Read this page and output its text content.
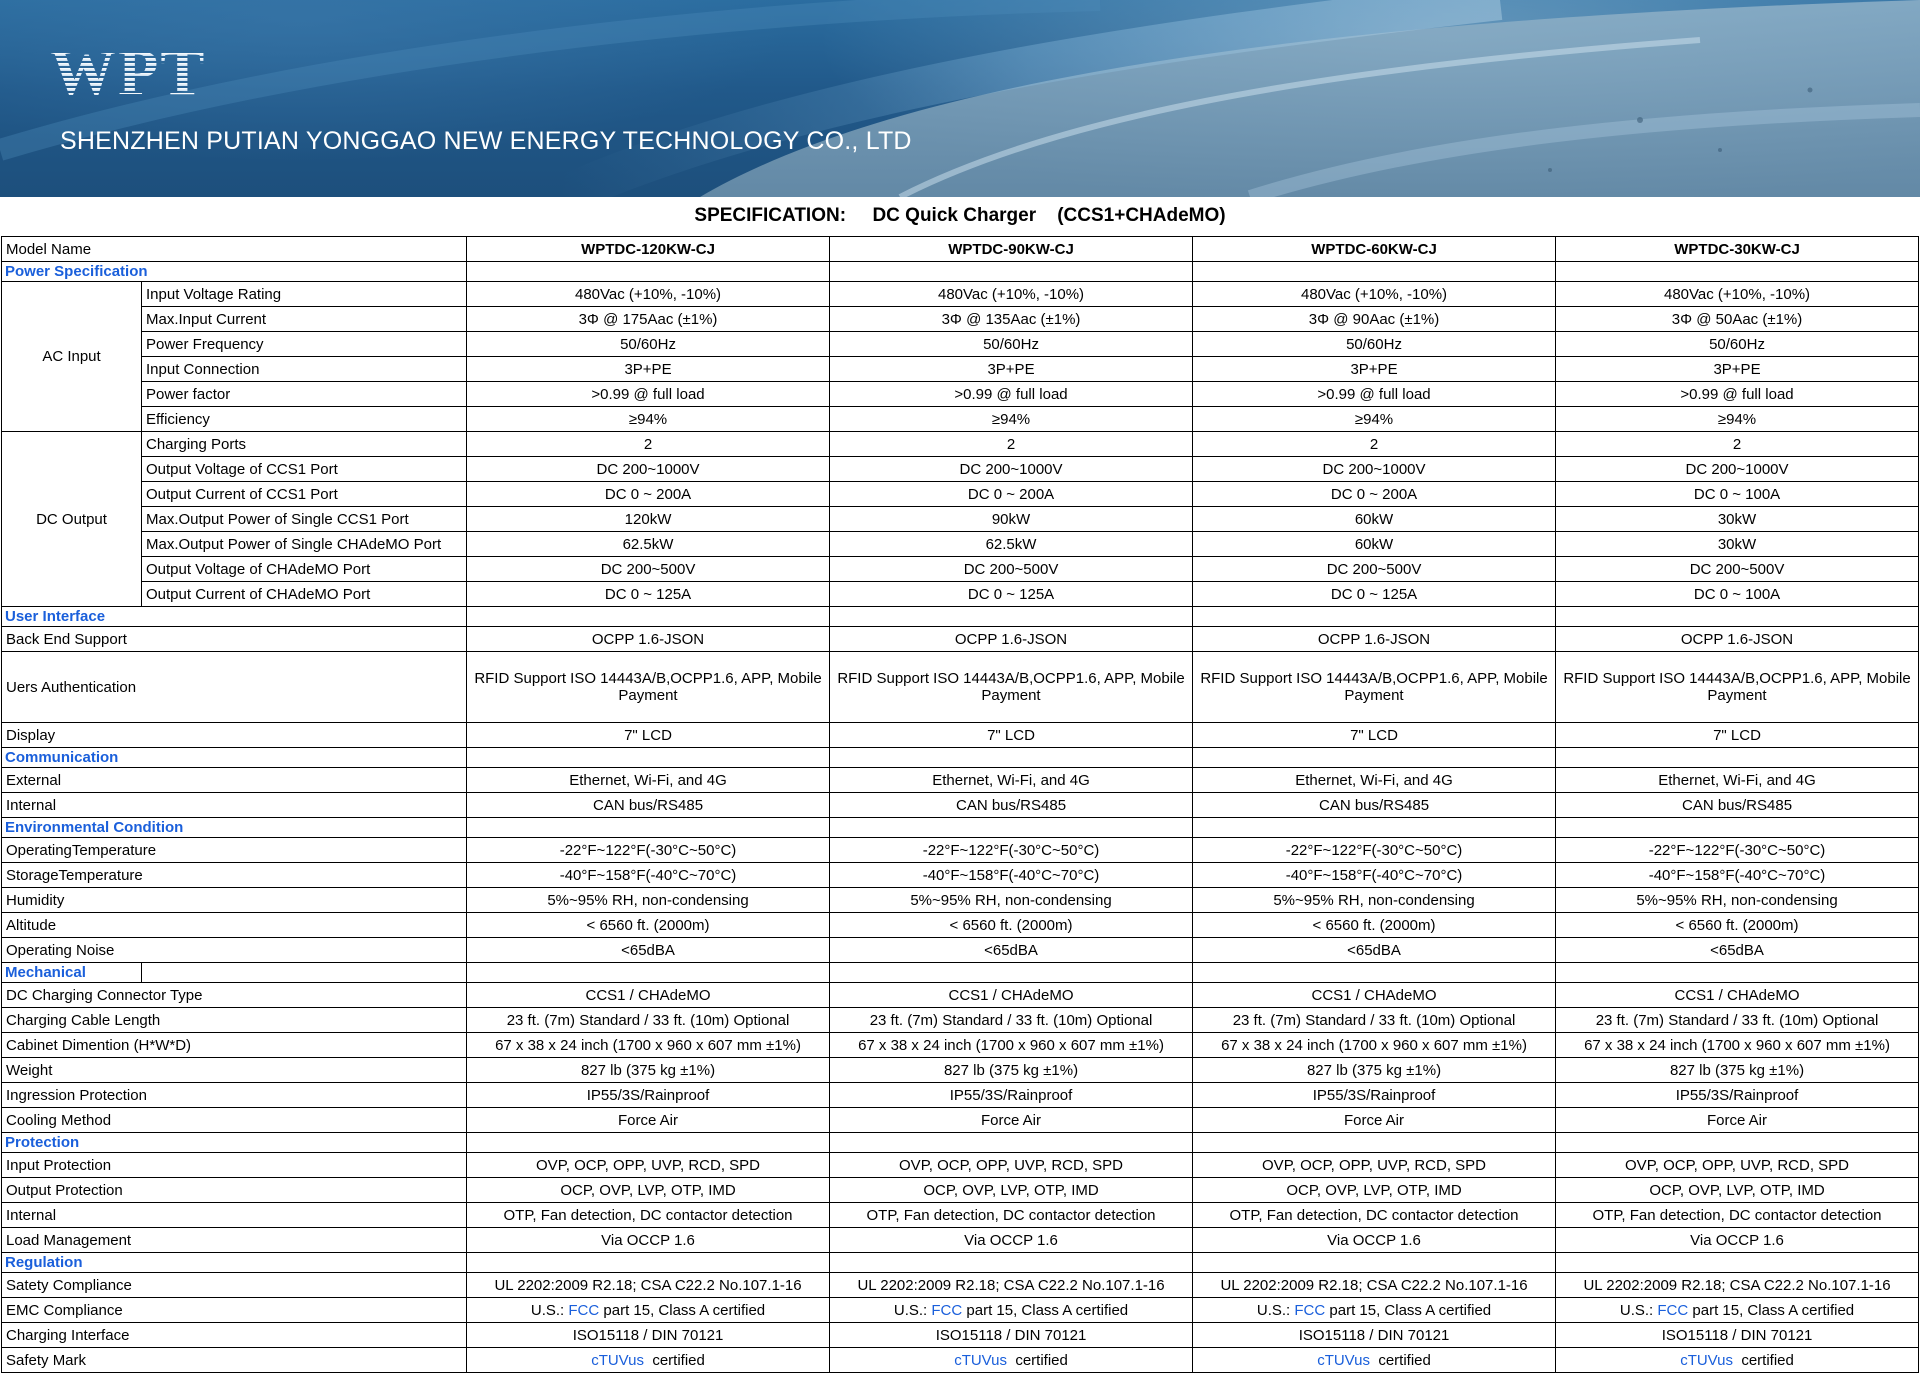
WPT
SHENZHEN PUTIAN YONGGAO NEW ENERGY TECHNOLOGY CO., LTD
SPECIFICATION: DC Quick Charger (CCS1+CHAdeMO)
Model Name		WPTDC-120KW-CJ	WPTDC-90KW-CJ	WPTDC-60KW-CJ	WPTDC-30KW-CJ
Power Specification					
AC Input	Input Voltage Rating	480Vac (+10%, -10%)	480Vac (+10%, -10%)	480Vac (+10%, -10%)	480Vac (+10%, -10%)
	Max.Input Current	3Φ @ 175Aac (±1%)	3Φ @ 135Aac (±1%)	3Φ @ 90Aac (±1%)	3Φ @ 50Aac (±1%)
	Power Frequency	50/60Hz	50/60Hz	50/60Hz	50/60Hz
	Input Connection	3P+PE	3P+PE	3P+PE	3P+PE
	Power factor	>0.99 @ full load	>0.99 @ full load	>0.99 @ full load	>0.99 @ full load
	Efficiency	≥94%	≥94%	≥94%	≥94%
DC Output	Charging Ports	2	2	2	2
	Output Voltage of CCS1 Port	DC 200~1000V	DC 200~1000V	DC 200~1000V	DC 200~1000V
	Output Current of CCS1 Port	DC 0 ~ 200A	DC 0 ~ 200A	DC 0 ~ 200A	DC 0 ~ 100A
	Max.Output Power of Single CCS1 Port	120kW	90kW	60kW	30kW
	Max.Output Power of Single CHAdeMO Port	62.5kW	62.5kW	60kW	30kW
	Output Voltage of CHAdeMO Port	DC 200~500V	DC 200~500V	DC 200~500V	DC 200~500V
	Output Current of CHAdeMO Port	DC 0 ~ 125A	DC 0 ~ 125A	DC 0 ~ 125A	DC 0 ~ 100A
User Interface					
Back End Support		OCPP 1.6-JSON	OCPP 1.6-JSON	OCPP 1.6-JSON	OCPP 1.6-JSON
Uers Authentication		RFID Support ISO 14443A/B,OCPP1.6, APP, Mobile Payment	RFID Support ISO 14443A/B,OCPP1.6, APP, Mobile Payment	RFID Support ISO 14443A/B,OCPP1.6, APP, Mobile Payment	RFID Support ISO 14443A/B,OCPP1.6, APP, Mobile Payment
Display		7" LCD	7" LCD	7" LCD	7" LCD
Communication					
External		Ethernet, Wi-Fi, and 4G	Ethernet, Wi-Fi, and 4G	Ethernet, Wi-Fi, and 4G	Ethernet, Wi-Fi, and 4G
Internal		CAN bus/RS485	CAN bus/RS485	CAN bus/RS485	CAN bus/RS485
Environmental Condition					
OperatingTemperature		-22°F~122°F(-30°C~50°C)	-22°F~122°F(-30°C~50°C)	-22°F~122°F(-30°C~50°C)	-22°F~122°F(-30°C~50°C)
StorageTemperature		-40°F~158°F(-40°C~70°C)	-40°F~158°F(-40°C~70°C)	-40°F~158°F(-40°C~70°C)	-40°F~158°F(-40°C~70°C)
Humidity		5%~95% RH, non-condensing	5%~95% RH, non-condensing	5%~95% RH, non-condensing	5%~95% RH, non-condensing
Altitude		< 6560 ft. (2000m)	< 6560 ft. (2000m)	< 6560 ft. (2000m)	< 6560 ft. (2000m)
Operating Noise		<65dBA	<65dBA	<65dBA	<65dBA
Mechanical					
DC Charging Connector Type		CCS1 / CHAdeMO	CCS1 / CHAdeMO	CCS1 / CHAdeMO	CCS1 / CHAdeMO
Charging Cable Length		23 ft. (7m) Standard / 33 ft. (10m) Optional	23 ft. (7m) Standard / 33 ft. (10m) Optional	23 ft. (7m) Standard / 33 ft. (10m) Optional	23 ft. (7m) Standard / 33 ft. (10m) Optional
Cabinet Dimention (H*W*D)		67 x 38 x 24 inch (1700 x 960 x 607 mm ±1%)	67 x 38 x 24 inch (1700 x 960 x 607 mm ±1%)	67 x 38 x 24 inch (1700 x 960 x 607 mm ±1%)	67 x 38 x 24 inch (1700 x 960 x 607 mm ±1%)
Weight		827 lb (375 kg ±1%)	827 lb (375 kg ±1%)	827 lb (375 kg ±1%)	827 lb (375 kg ±1%)
Ingression Protection		IP55/3S/Rainproof	IP55/3S/Rainproof	IP55/3S/Rainproof	IP55/3S/Rainproof
Cooling Method		Force Air	Force Air	Force Air	Force Air
Protection					
Input Protection		OVP, OCP, OPP, UVP, RCD, SPD	OVP, OCP, OPP, UVP, RCD, SPD	OVP, OCP, OPP, UVP, RCD, SPD	OVP, OCP, OPP, UVP, RCD, SPD
Output Protection		OCP, OVP, LVP, OTP, IMD	OCP, OVP, LVP, OTP, IMD	OCP, OVP, LVP, OTP, IMD	OCP, OVP, LVP, OTP, IMD
Internal		OTP, Fan detection, DC contactor detection	OTP, Fan detection, DC contactor detection	OTP, Fan detection, DC contactor detection	OTP, Fan detection, DC contactor detection
Load Management		Via OCCP 1.6	Via OCCP 1.6	Via OCCP 1.6	Via OCCP 1.6
Regulation					
Satety Compliance		UL 2202:2009 R2.18; CSA C22.2 No.107.1-16	UL 2202:2009 R2.18; CSA C22.2 No.107.1-16	UL 2202:2009 R2.18; CSA C22.2 No.107.1-16	UL 2202:2009 R2.18; CSA C22.2 No.107.1-16
EMC Compliance		U.S.: FCC part 15, Class A certified	U.S.: FCC part 15, Class A certified	U.S.: FCC part 15, Class A certified	U.S.: FCC part 15, Class A certified
Charging Interface		ISO15118 / DIN 70121	ISO15118 / DIN 70121	ISO15118 / DIN 70121	ISO15118 / DIN 70121
Safety Mark		cTUVus  certified	cTUVus  certified	cTUVus  certified	cTUVus  certified
